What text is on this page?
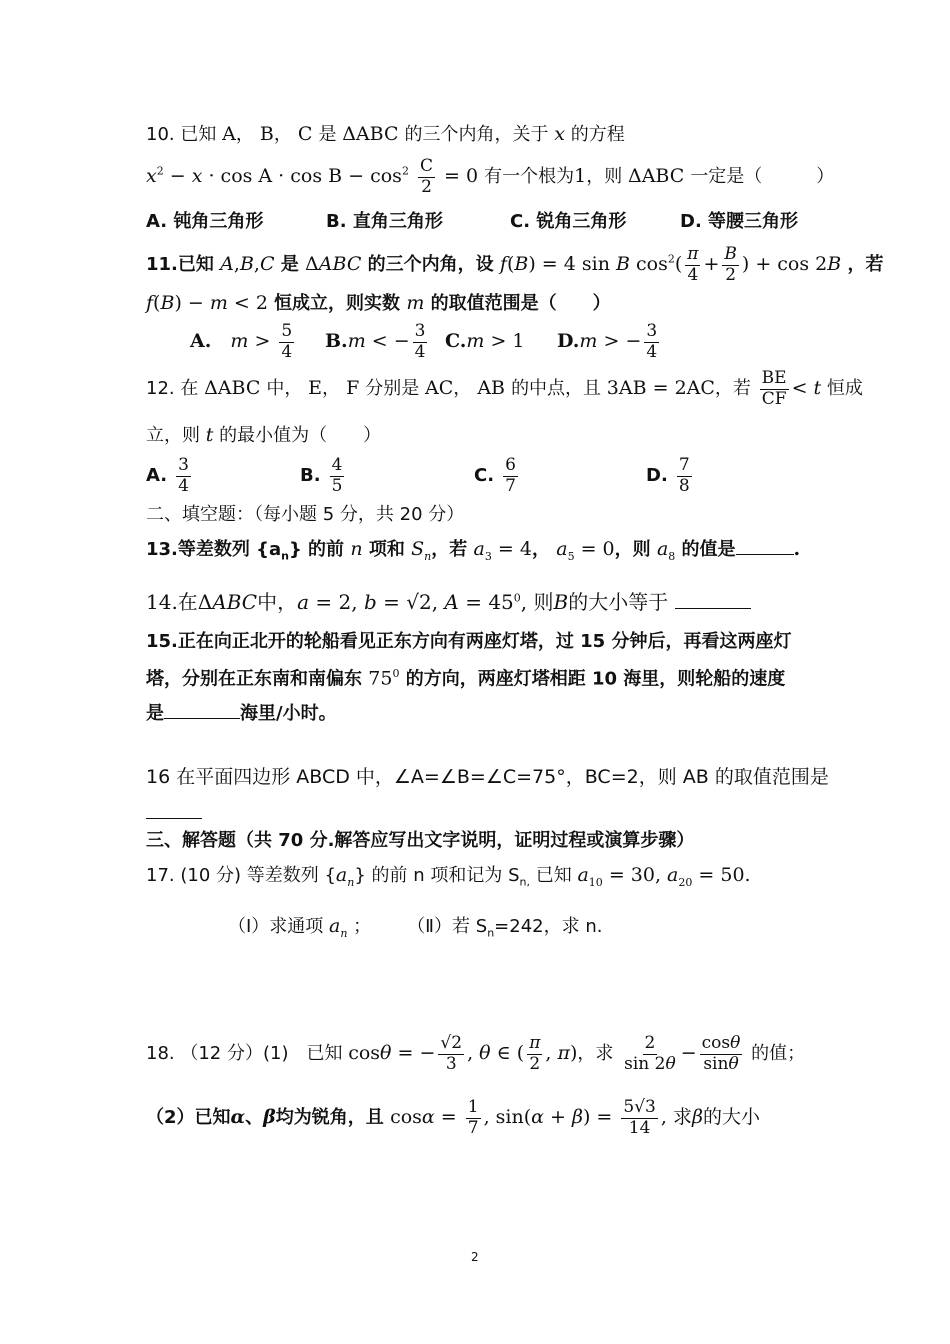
10. 已知 A， B， C 是 ΔABC 的三个内角，关于 x 的方程
$x^2 - x \cdot \cos A \cdot \cos B - \cos^2 \frac{C}{2} = 0$ 有一个根为1，则 ΔABC 一定是（　　　）
A. 钝角三角形	B. 直角三角形	C. 锐角三角形	D. 等腰三角形
11.已知 A,B,C 是 ΔABC 的三个内角，设 f(B) = 4 sin B $\cos^2( \frac{\pi}{4} + \frac{B}{2}$ ) + cos 2B ，若
f(B) − m < 2 恒成立，则实数 m 的取值范围是（　　）
A.　 $m > \frac{5}{4} B.m$ < − $\frac{3}{4} C.m > 1$ D.m > − $\frac{3}{4}$
12. 在 ΔABC 中， E， F 分别是 AC， AB 的中点，且 3AB = 2AC，若 $\frac{BE}{CF} < t$ 恒成
立，则 t 的最小值为（　　）
A. $\frac{3}{4}$	B. $\frac{4}{5}$	C. $\frac{6}{7}$	D. $\frac{7}{8}$
二、填空题：（每小题 5 分，共 20 分）
13.等差数列 $\{a_n\}$ 的前 n 项和 $S_n$，若 $a_3 = 4$， $a_5 = 0$，则 $a_8$ 的值是	.
14.在ΔABC中，a = 2, b = √2, $A = 45^0$, 则B的大小等于
15.正在向正北开的轮船看见正东方向有两座灯塔，过 15 分钟后，再看这两座灯
塔，分别在正东南和南偏东 $75^0$ 的方向，两座灯塔相距 10 海里，则轮船的速度
是	海里/小时。
16 在平面四边形 ABCD 中，∠A=∠B=∠C=75°，BC=2，则 AB 的取值范围是
三、解答题（共 70 分.解答应写出文字说明，证明过程或演算步骤）
17. (10 分) 等差数列 $\{a_n\}$ 的前 n 项和记为 $S_{n,}$ 已知 $a_{10} = 30$, $a_{20} = 50$.
（Ⅰ）求通项 $a_n$ ；　　　（Ⅱ）若 $S_n=242$，求 n.
18. （12 分）(1)　已知 cosθ = − $\frac{√2}{3}$ , θ ∈ ( $\frac{\pi}{2}$ , π)，求 $\frac{2}{\sin 2\theta} - \frac{\cos\theta}{\sin\theta}$ 的值；
（2）已知α、β均为锐角，且 $\cos\alpha = \frac{1}{7}$ , $\sin(\alpha + \beta) = \frac{5√3}{14}$ , 求β的大小
2
